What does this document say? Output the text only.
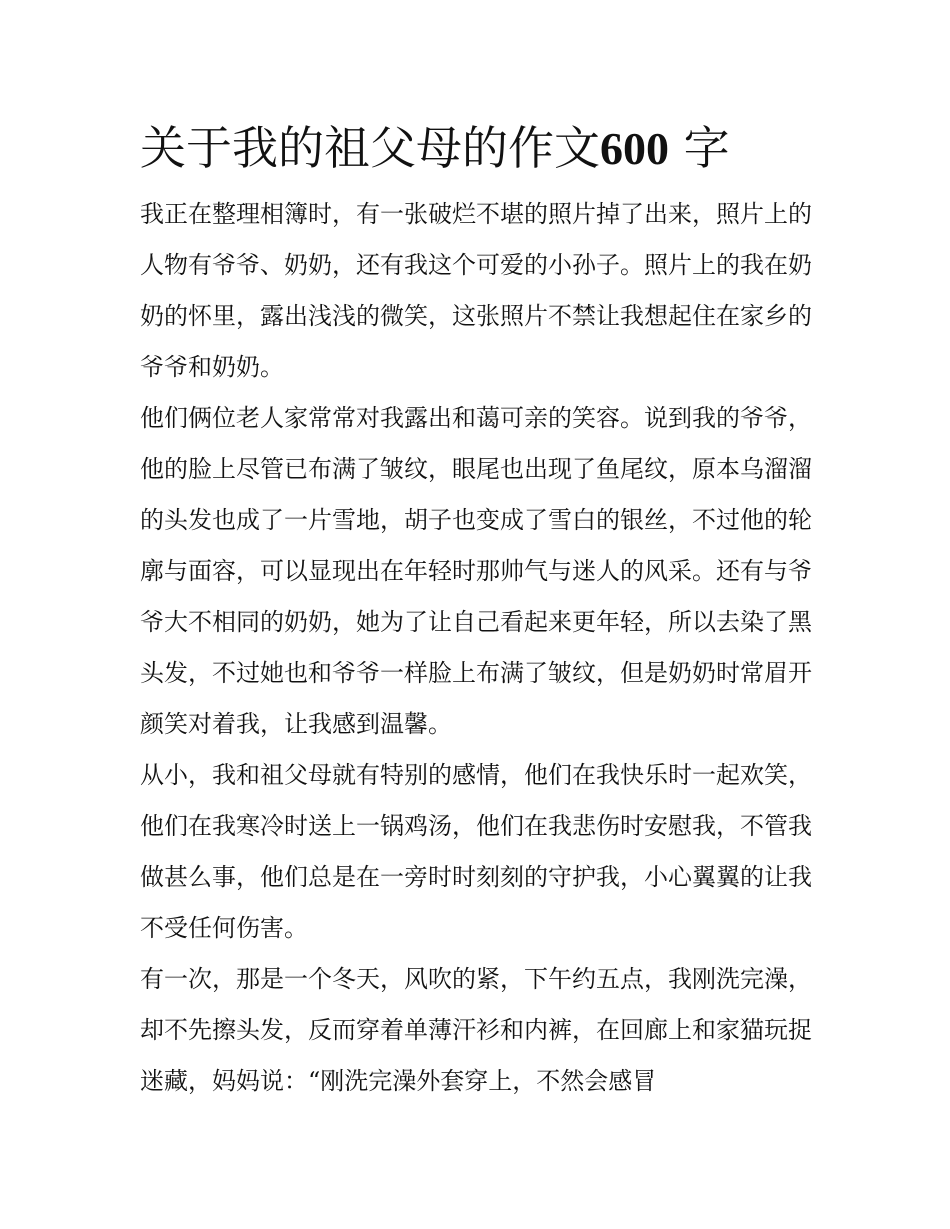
关于我的祖父母的作文600 字

我正在整理相簿时，有一张破烂不堪的照片掉了出来，照片上的人物有爷爷、奶奶，还有我这个可爱的小孙子。照片上的我在奶奶的怀里，露出浅浅的微笑，这张照片不禁让我想起住在家乡的爷爷和奶奶。

他们俩位老人家常常对我露出和蔼可亲的笑容。说到我的爷爷，他的脸上尽管已布满了皱纹，眼尾也出现了鱼尾纹，原本乌溜溜的头发也成了一片雪地，胡子也变成了雪白的银丝，不过他的轮廓与面容，可以显现出在年轻时那帅气与迷人的风采。还有与爷爷大不相同的奶奶，她为了让自己看起来更年轻，所以去染了黑头发，不过她也和爷爷一样脸上布满了皱纹，但是奶奶时常眉开颜笑对着我，让我感到温馨。

从小，我和祖父母就有特别的感情，他们在我快乐时一起欢笑，他们在我寒冷时送上一锅鸡汤，他们在我悲伤时安慰我，不管我做甚么事，他们总是在一旁时时刻刻的守护我，小心翼翼的让我不受任何伤害。

有一次，那是一个冬天，风吹的紧，下午约五点，我刚洗完澡，却不先擦头发，反而穿着单薄汗衫和内裤，在回廊上和家猫玩捉迷藏，妈妈说：“刚洗完澡外套穿上，不然会感冒
